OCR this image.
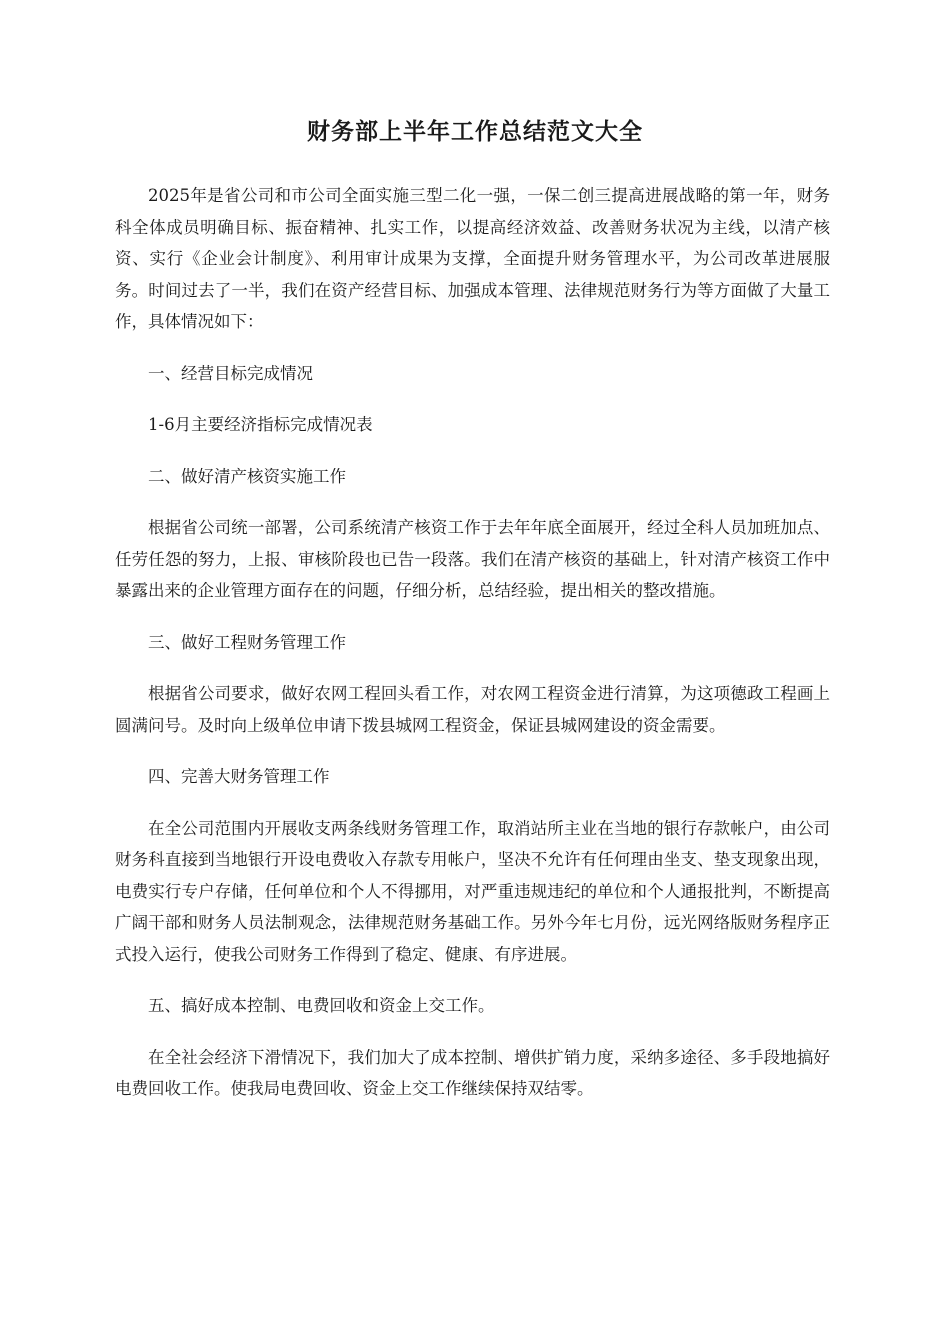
财务部上半年工作总结范文大全

2025年是省公司和市公司全面实施三型二化一强，一保二创三提高进展战略的第一年，财务科全体成员明确目标、振奋精神、扎实工作，以提高经济效益、改善财务状况为主线，以清产核资、实行《企业会计制度》、利用审计成果为支撑，全面提升财务管理水平，为公司改革进展服务。时间过去了一半，我们在资产经营目标、加强成本管理、法律规范财务行为等方面做了大量工作，具体情况如下：

一、经营目标完成情况

1-6月主要经济指标完成情况表

二、做好清产核资实施工作

根据省公司统一部署，公司系统清产核资工作于去年年底全面展开，经过全科人员加班加点、任劳任怨的努力，上报、审核阶段也已告一段落。我们在清产核资的基础上，针对清产核资工作中暴露出来的企业管理方面存在的问题，仔细分析，总结经验，提出相关的整改措施。

三、做好工程财务管理工作

根据省公司要求，做好农网工程回头看工作，对农网工程资金进行清算，为这项德政工程画上圆满问号。及时向上级单位申请下拨县城网工程资金，保证县城网建设的资金需要。

四、完善大财务管理工作

在全公司范围内开展收支两条线财务管理工作，取消站所主业在当地的银行存款帐户，由公司财务科直接到当地银行开设电费收入存款专用帐户，坚决不允许有任何理由坐支、垫支现象出现，电费实行专户存储，任何单位和个人不得挪用，对严重违规违纪的单位和个人通报批判，不断提高广阔干部和财务人员法制观念，法律规范财务基础工作。另外今年七月份，远光网络版财务程序正式投入运行，使我公司财务工作得到了稳定、健康、有序进展。

五、搞好成本控制、电费回收和资金上交工作。

在全社会经济下滑情况下，我们加大了成本控制、增供扩销力度，采纳多途径、多手段地搞好电费回收工作。使我局电费回收、资金上交工作继续保持双结零。
